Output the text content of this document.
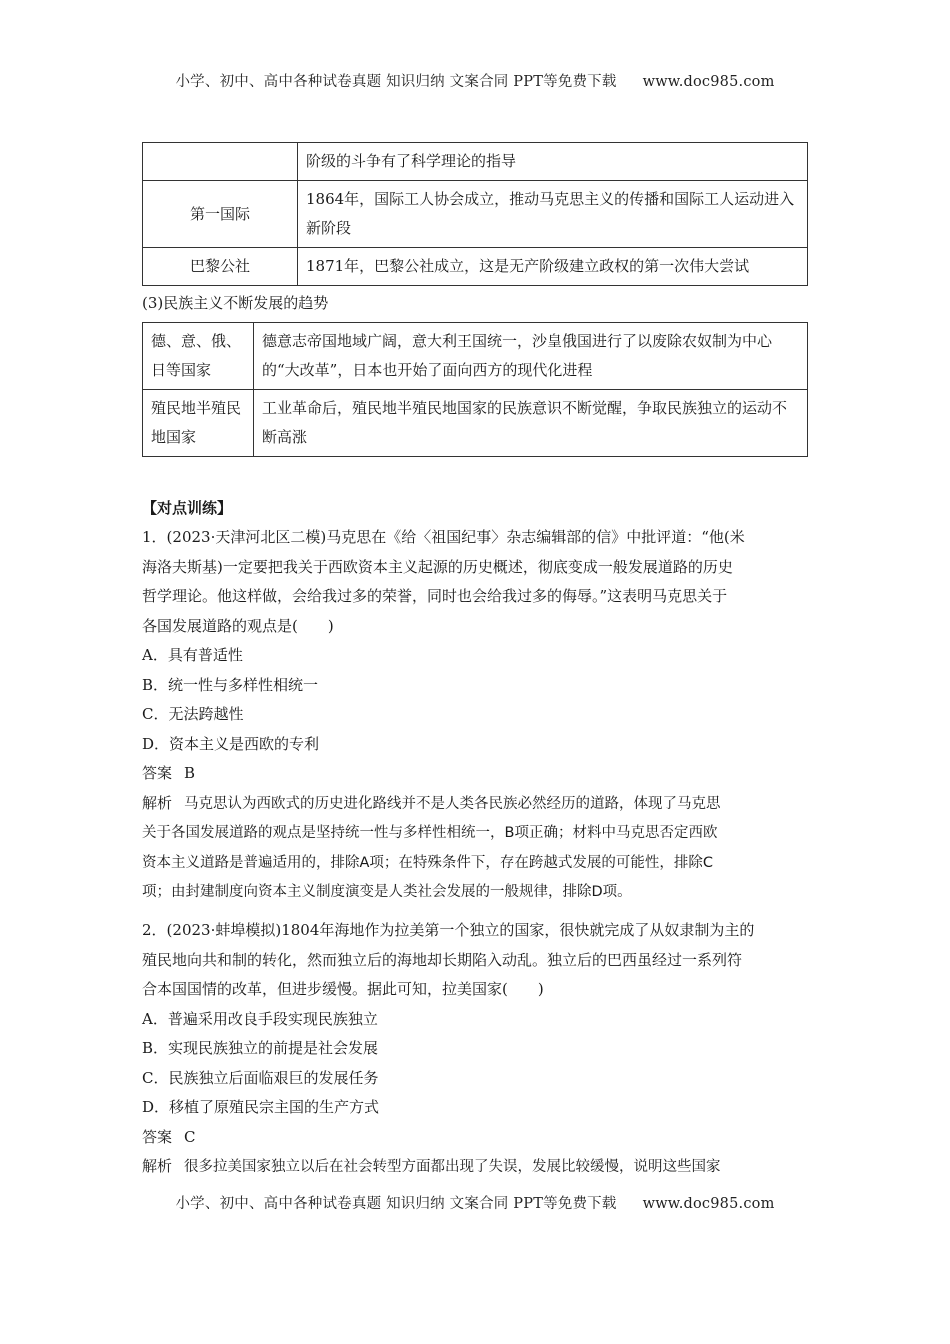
小学、初中、高中各种试卷真题 知识归纳 文案合同 PPT等免费下载 www.doc985.com
	阶级的斗争有了科学理论的指导
第一国际	1864年，国际工人协会成立，推动马克思主义的传播和国际工人运动进入新阶段
巴黎公社	1871年，巴黎公社成立，这是无产阶级建立政权的第一次伟大尝试
(3)民族主义不断发展的趋势
德、意、俄、日等国家	德意志帝国地域广阔，意大利王国统一，沙皇俄国进行了以废除农奴制为中心的“大改革”，日本也开始了面向西方的现代化进程
殖民地半殖民地国家	工业革命后，殖民地半殖民地国家的民族意识不断觉醒，争取民族独立的运动不断高涨
【对点训练】
1．(2023·天津河北区二模)马克思在《给〈祖国纪事〉杂志编辑部的信》中批评道：“他(米
海洛夫斯基)一定要把我关于西欧资本主义起源的历史概述，彻底变成一般发展道路的历史
哲学理论。他这样做，会给我过多的荣誉，同时也会给我过多的侮辱。”这表明马克思关于
各国发展道路的观点是(　　)
A．具有普适性
B．统一性与多样性相统一
C．无法跨越性
D．资本主义是西欧的专利
答案 B
解析 马克思认为西欧式的历史进化路线并不是人类各民族必然经历的道路，体现了马克思
关于各国发展道路的观点是坚持统一性与多样性相统一，B项正确；材料中马克思否定西欧
资本主义道路是普遍适用的，排除A项；在特殊条件下，存在跨越式发展的可能性，排除C
项；由封建制度向资本主义制度演变是人类社会发展的一般规律，排除D项。
2．(2023·蚌埠模拟)1804年海地作为拉美第一个独立的国家，很快就完成了从奴隶制为主的
殖民地向共和制的转化，然而独立后的海地却长期陷入动乱。独立后的巴西虽经过一系列符
合本国国情的改革，但进步缓慢。据此可知，拉美国家(　　)
A．普遍采用改良手段实现民族独立
B．实现民族独立的前提是社会发展
C．民族独立后面临艰巨的发展任务
D．移植了原殖民宗主国的生产方式
答案 C
解析 很多拉美国家独立以后在社会转型方面都出现了失误，发展比较缓慢，说明这些国家
小学、初中、高中各种试卷真题 知识归纳 文案合同 PPT等免费下载 www.doc985.com
